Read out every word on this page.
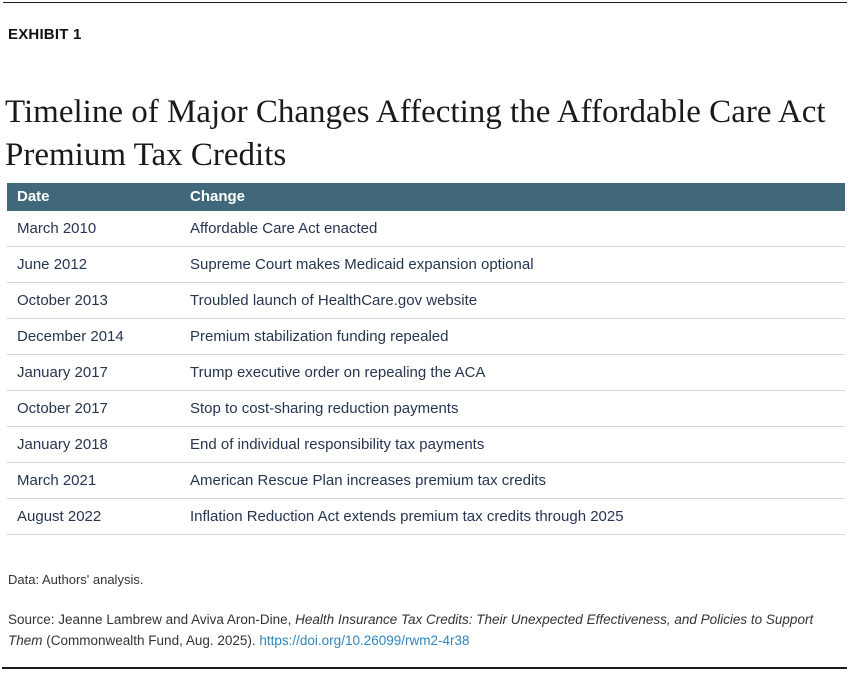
EXHIBIT 1
Timeline of Major Changes Affecting the Affordable Care Act Premium Tax Credits
Date	Change
March 2010	Affordable Care Act enacted
June 2012	Supreme Court makes Medicaid expansion optional
October 2013	Troubled launch of HealthCare.gov website
December 2014	Premium stabilization funding repealed
January 2017	Trump executive order on repealing the ACA
October 2017	Stop to cost-sharing reduction payments
January 2018	End of individual responsibility tax payments
March 2021	American Rescue Plan increases premium tax credits
August 2022	Inflation Reduction Act extends premium tax credits through 2025
Data: Authors' analysis.
Source: Jeanne Lambrew and Aviva Aron-Dine, Health Insurance Tax Credits: Their Unexpected Effectiveness, and Policies to Support Them (Commonwealth Fund, Aug. 2025). https://doi.org/10.26099/rwm2-4r38
